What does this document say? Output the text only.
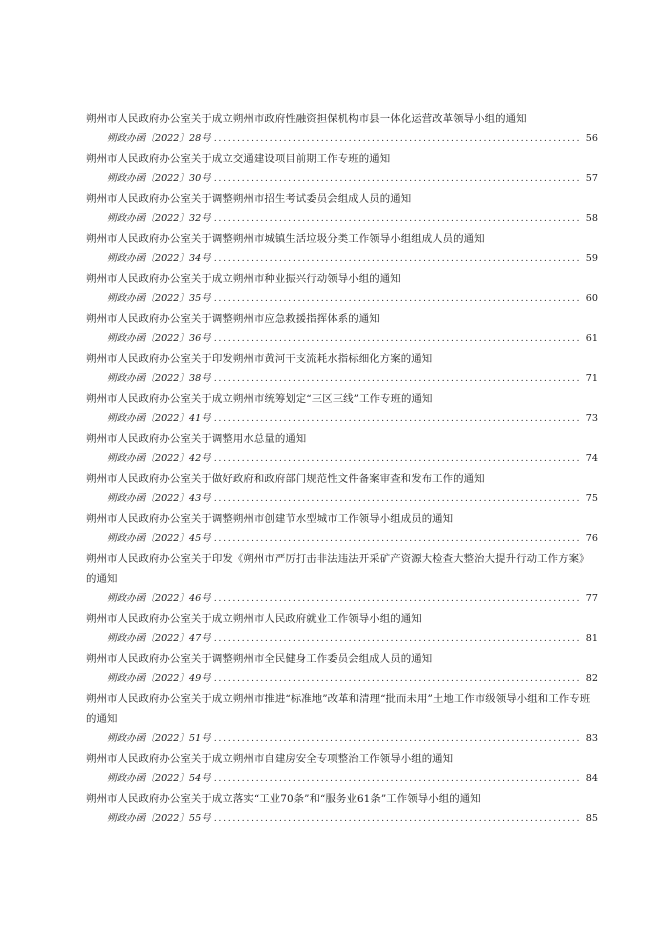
朔州市人民政府办公室关于成立朔州市政府性融资担保机构市县一体化运营改革领导小组的通知
朔政办函〔2022〕28号 .....	56
朔州市人民政府办公室关于成立交通建设项目前期工作专班的通知
朔政办函〔2022〕30号 .....	57
朔州市人民政府办公室关于调整朔州市招生考试委员会组成人员的通知
朔政办函〔2022〕32号 .....	58
朔州市人民政府办公室关于调整朔州市城镇生活垃圾分类工作领导小组组成人员的通知
朔政办函〔2022〕34号 .....	59
朔州市人民政府办公室关于成立朔州市种业振兴行动领导小组的通知
朔政办函〔2022〕35号 .....	60
朔州市人民政府办公室关于调整朔州市应急救援指挥体系的通知
朔政办函〔2022〕36号 .....	61
朔州市人民政府办公室关于印发朔州市黄河干支流耗水指标细化方案的通知
朔政办函〔2022〕38号 .....	71
朔州市人民政府办公室关于成立朔州市统筹划定“三区三线”工作专班的通知
朔政办函〔2022〕41号 .....	73
朔州市人民政府办公室关于调整用水总量的通知
朔政办函〔2022〕42号 .....	74
朔州市人民政府办公室关于做好政府和政府部门规范性文件备案审查和发布工作的通知
朔政办函〔2022〕43号 .....	75
朔州市人民政府办公室关于调整朔州市创建节水型城市工作领导小组成员的通知
朔政办函〔2022〕45号 .....	76
朔州市人民政府办公室关于印发《朔州市严厉打击非法违法开采矿产资源大检查大整治大提升行动工作方案》的通知
朔政办函〔2022〕46号 .....	77
朔州市人民政府办公室关于成立朔州市人民政府就业工作领导小组的通知
朔政办函〔2022〕47号 .....	81
朔州市人民政府办公室关于调整朔州市全民健身工作委员会组成人员的通知
朔政办函〔2022〕49号 .....	82
朔州市人民政府办公室关于成立朔州市推进“标准地”改革和清理“批而未用”土地工作市级领导小组和工作专班的通知
朔政办函〔2022〕51号 .....	83
朔州市人民政府办公室关于成立朔州市自建房安全专项整治工作领导小组的通知
朔政办函〔2022〕54号 .....	84
朔州市人民政府办公室关于成立落实“工业70条”和“服务业61条”工作领导小组的通知
朔政办函〔2022〕55号 .....	85
